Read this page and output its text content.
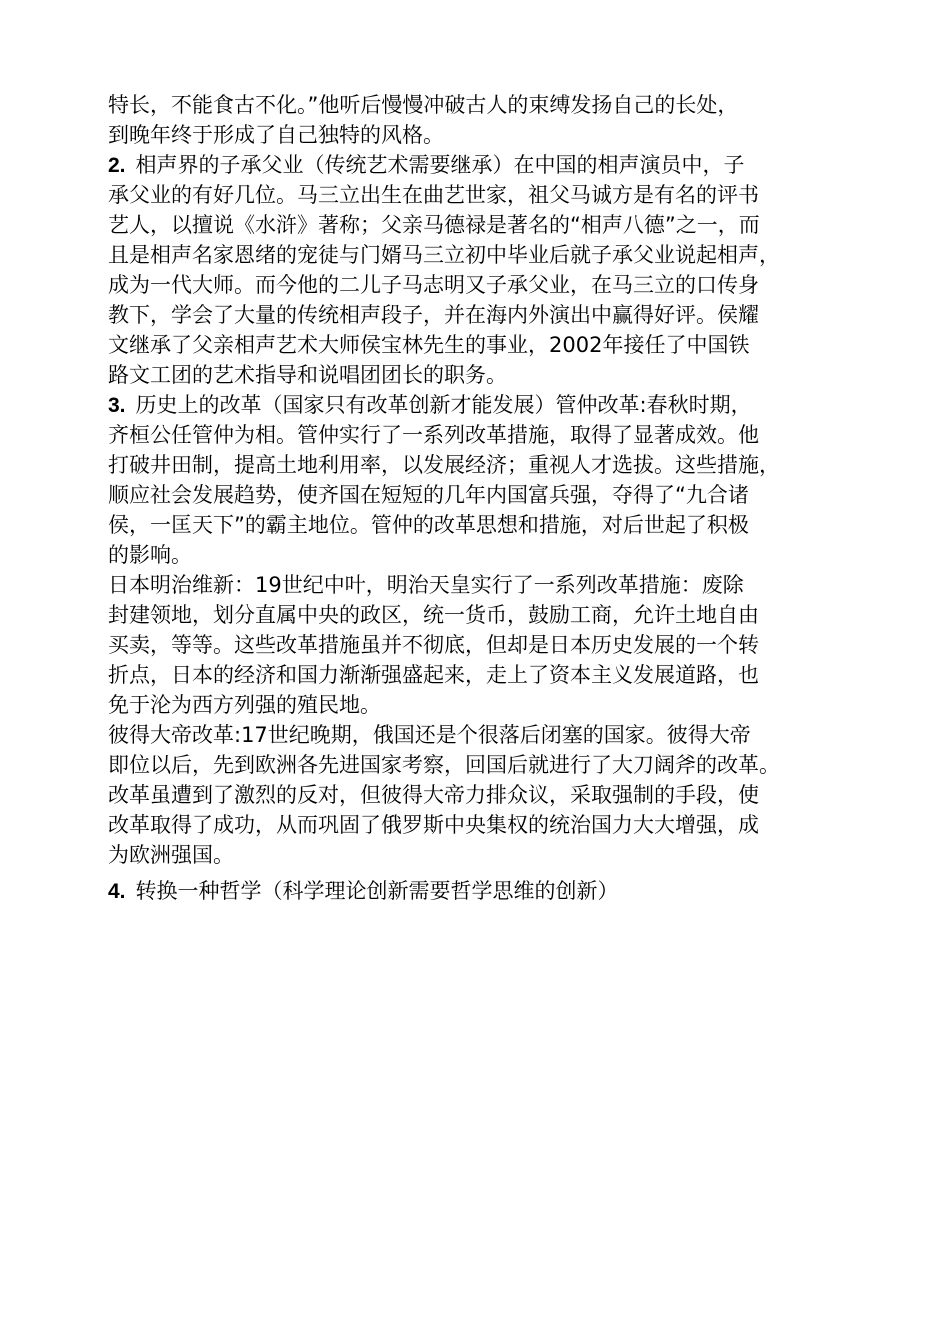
特长，不能食古不化。”他听后慢慢冲破古人的束缚发扬自己的长处，
到晚年终于形成了自己独特的风格。
2. 相声界的子承父业（传统艺术需要继承）在中国的相声演员中，子
承父业的有好几位。马三立出生在曲艺世家，祖父马诚方是有名的评书
艺人，以擅说《水浒》著称；父亲马德禄是著名的“相声八德”之一，而
且是相声名家恩绪的宠徒与门婿马三立初中毕业后就子承父业说起相声，
成为一代大师。而今他的二儿子马志明又子承父业，在马三立的口传身
教下，学会了大量的传统相声段子，并在海内外演出中赢得好评。侯耀
文继承了父亲相声艺术大师侯宝林先生的事业，2002年接任了中国铁
路文工团的艺术指导和说唱团团长的职务。
3. 历史上的改革（国家只有改革创新才能发展）管仲改革:春秋时期，
齐桓公任管仲为相。管仲实行了一系列改革措施，取得了显著成效。他
打破井田制，提高土地利用率，以发展经济；重视人才选拔。这些措施，
顺应社会发展趋势，使齐国在短短的几年内国富兵强，夺得了“九合诸
侯，一匡天下”的霸主地位。管仲的改革思想和措施，对后世起了积极
的影响。
日本明治维新：19世纪中叶，明治天皇实行了一系列改革措施：废除
封建领地，划分直属中央的政区，统一货币，鼓励工商，允许土地自由
买卖，等等。这些改革措施虽并不彻底，但却是日本历史发展的一个转
折点，日本的经济和国力渐渐强盛起来，走上了资本主义发展道路，也
免于沦为西方列强的殖民地。
彼得大帝改革:17世纪晚期，俄国还是个很落后闭塞的国家。彼得大帝
即位以后，先到欧洲各先进国家考察，回国后就进行了大刀阔斧的改革。
改革虽遭到了激烈的反对，但彼得大帝力排众议，采取强制的手段，使
改革取得了成功，从而巩固了俄罗斯中央集权的统治国力大大增强，成
为欧洲强国。
4. 转换一种哲学（科学理论创新需要哲学思维的创新）
